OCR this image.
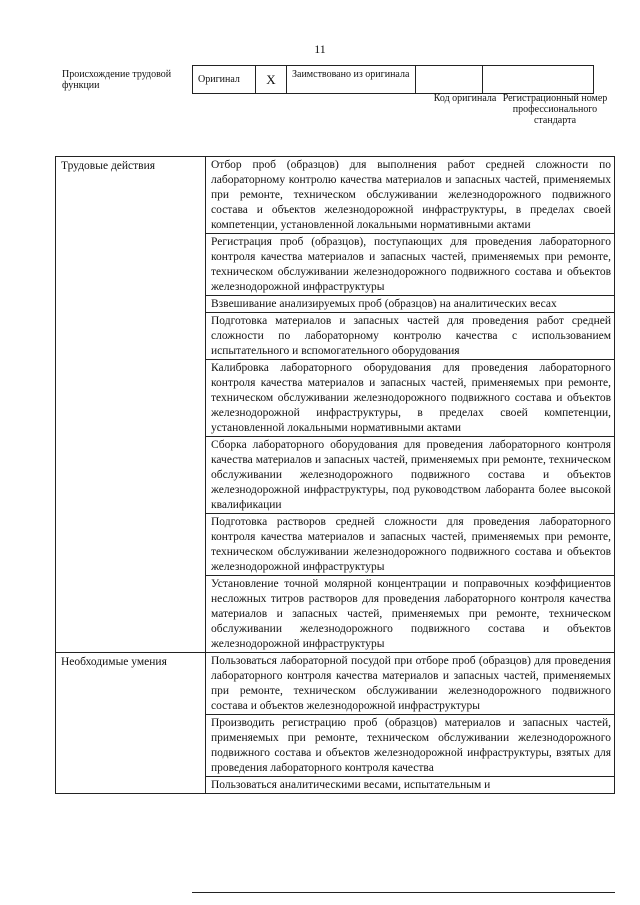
11
Происхождение трудовой функции
Оригинал	X	Заимствовано из оригинала		
Код оригинала Регистрационный номер профессионального стандарта
Трудовые действия	Отбор проб (образцов) для выполнения работ средней сложности по лабораторному контролю качества материалов и запасных частей, применяемых при ремонте, техническом обслуживании железнодорожного подвижного состава и объектов железнодорожной инфраструктуры, в пределах своей компетенции, установленной локальными нормативными актами
	Регистрация проб (образцов), поступающих для проведения лабораторного контроля качества материалов и запасных частей, применяемых при ремонте, техническом обслуживании железнодорожного подвижного состава и объектов железнодорожной инфраструктуры
	Взвешивание анализируемых проб (образцов) на аналитических весах
	Подготовка материалов и запасных частей для проведения работ средней сложности по лабораторному контролю качества с использованием испытательного и вспомогательного оборудования
	Калибровка лабораторного оборудования для проведения лабораторного контроля качества материалов и запасных частей, применяемых при ремонте, техническом обслуживании железнодорожного подвижного состава и объектов железнодорожной инфраструктуры, в пределах своей компетенции, установленной локальными нормативными актами
	Сборка лабораторного оборудования для проведения лабораторного контроля качества материалов и запасных частей, применяемых при ремонте, техническом обслуживании железнодорожного подвижного состава и объектов железнодорожной инфраструктуры, под руководством лаборанта более высокой квалификации
	Подготовка растворов средней сложности для проведения лабораторного контроля качества материалов и запасных частей, применяемых при ремонте, техническом обслуживании железнодорожного подвижного состава и объектов железнодорожной инфраструктуры
	Установление точной молярной концентрации и поправочных коэффициентов несложных титров растворов для проведения лабораторного контроля качества материалов и запасных частей, применяемых при ремонте, техническом обслуживании железнодорожного подвижного состава и объектов железнодорожной инфраструктуры
Необходимые умения	Пользоваться лабораторной посудой при отборе проб (образцов) для проведения лабораторного контроля качества материалов и запасных частей, применяемых при ремонте, техническом обслуживании железнодорожного подвижного состава и объектов железнодорожной инфраструктуры
	Производить регистрацию проб (образцов) материалов и запасных частей, применяемых при ремонте, техническом обслуживании железнодорожного подвижного состава и объектов железнодорожной инфраструктуры, взятых для проведения лабораторного контроля качества
	Пользоваться аналитическими весами, испытательным и
